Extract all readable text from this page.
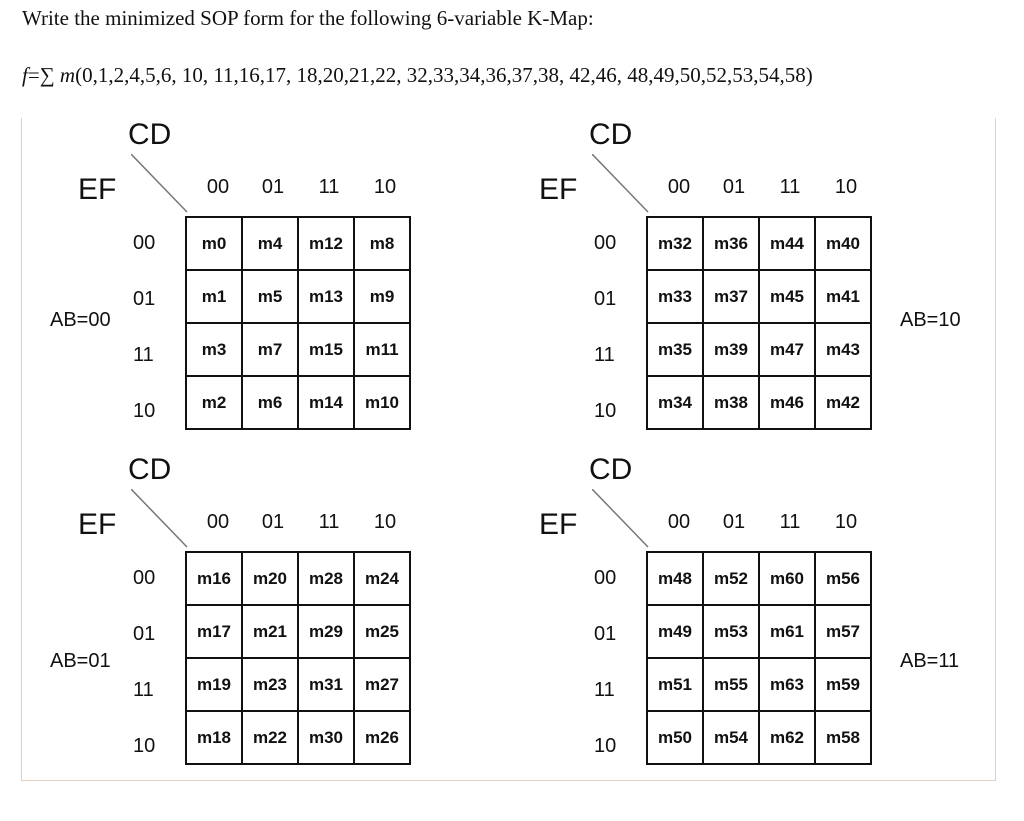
Write the minimized SOP form for the following 6-variable K-Map:
f=∑ m(0,1,2,4,5,6, 10, 11,16,17, 18,20,21,22, 32,33,34,36,37,38, 42,46, 48,49,50,52,53,54,58)
CD
EF	00	01	11	10
00
01
11
10
m0	m4	m12	m8
m1	m5	m13	m9
m3	m7	m15	m11
m2	m6	m14	m10
CD
EF	00	01	11	10
00
01
11
10
m32	m36	m44	m40
m33	m37	m45	m41
m35	m39	m47	m43
m34	m38	m46	m42
CD
EF	00	01	11	10
00
01
11
10
m16	m20	m28	m24
m17	m21	m29	m25
m19	m23	m31	m27
m18	m22	m30	m26
CD
EF	00	01	11	10
00
01
11
10
m48	m52	m60	m56
m49	m53	m61	m57
m51	m55	m63	m59
m50	m54	m62	m58
AB=00	AB=10
AB=01	AB=11
